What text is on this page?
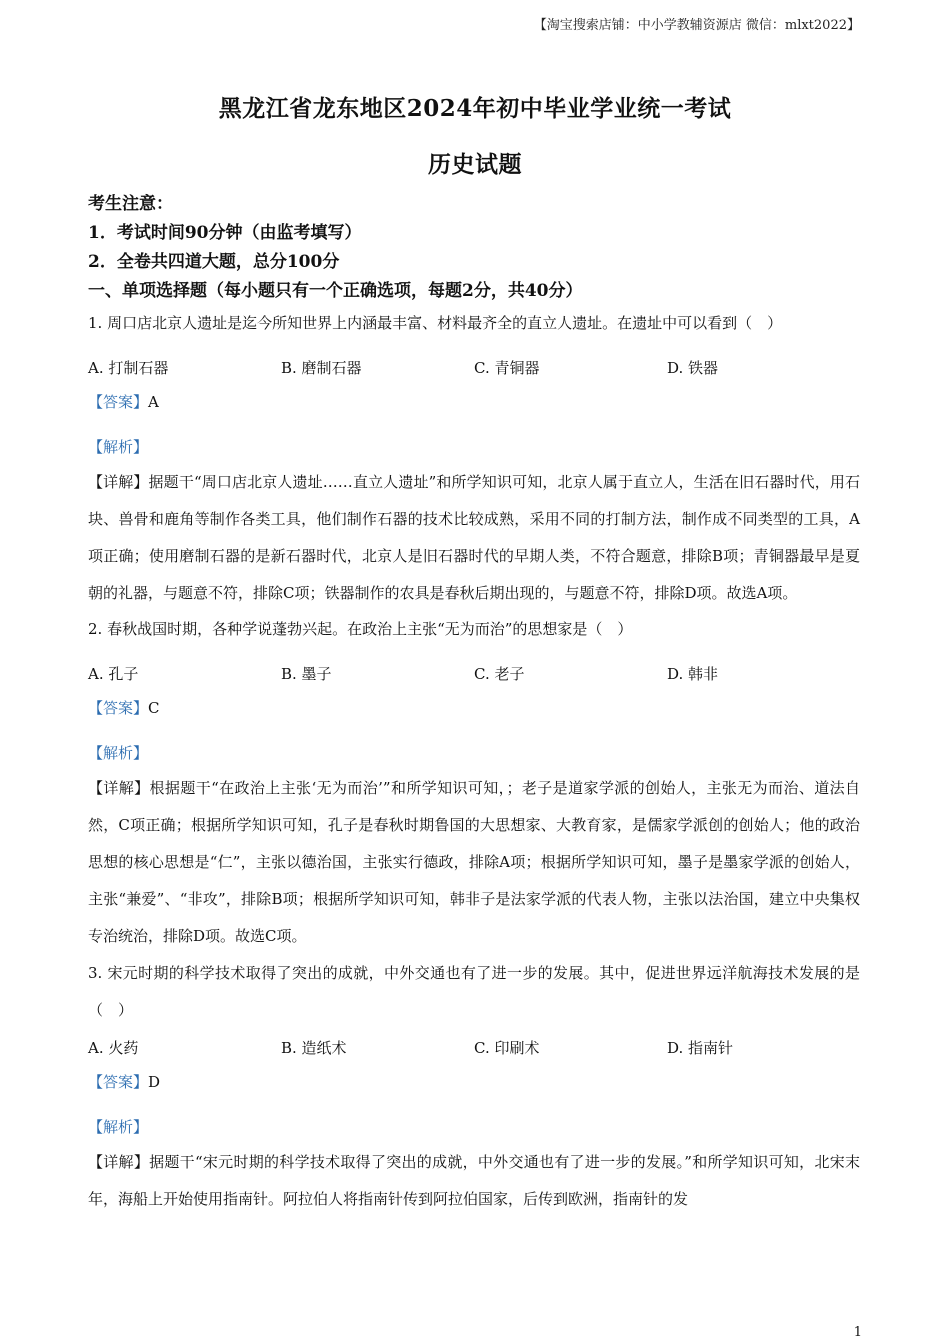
【淘宝搜索店铺：中小学教辅资源店 微信：mlxt2022】
黑龙江省龙东地区2024年初中毕业学业统一考试
历史试题

考生注意：

1．考试时间90分钟（由监考填写）

2．全卷共四道大题，总分100分

一、单项选择题（每小题只有一个正确选项，每题2分，共40分）

1. 周口店北京人遗址是迄今所知世界上内涵最丰富、材料最齐全的直立人遗址。在遗址中可以看到（　）

A. 打制石器	B. 磨制石器	C. 青铜器	D. 铁器

【答案】A

【解析】

【详解】据题干“周口店北京人遗址……直立人遗址”和所学知识可知，北京人属于直立人，生活在旧石器时代，用石块、兽骨和鹿角等制作各类工具，他们制作石器的技术比较成熟，采用不同的打制方法，制作成不同类型的工具，A项正确；使用磨制石器的是新石器时代，北京人是旧石器时代的早期人类，不符合题意，排除B项；青铜器最早是夏朝的礼器，与题意不符，排除C项；铁器制作的农具是春秋后期出现的，与题意不符，排除D项。故选A项。

2. 春秋战国时期，各种学说蓬勃兴起。在政治上主张“无为而治”的思想家是（　）

A. 孔子	B. 墨子	C. 老子	D. 韩非

【答案】C

【解析】

【详解】根据题干“在政治上主张‘无为而治’”和所学知识可知，；老子是道家学派的创始人，主张无为而治、道法自然，C项正确；根据所学知识可知，孔子是春秋时期鲁国的大思想家、大教育家，是儒家学派创的创始人；他的政治思想的核心思想是“仁”，主张以德治国，主张实行德政，排除A项；根据所学知识可知，墨子是墨家学派的创始人，主张“兼爱”、“非攻”，排除B项；根据所学知识可知，韩非子是法家学派的代表人物，主张以法治国，建立中央集权专治统治，排除D项。故选C项。

3. 宋元时期的科学技术取得了突出的成就，中外交通也有了进一步的发展。其中，促进世界远洋航海技术发展的是（　）

A. 火药	B. 造纸术	C. 印刷术	D. 指南针

【答案】D

【解析】

【详解】据题干“宋元时期的科学技术取得了突出的成就，中外交通也有了进一步的发展。”和所学知识可知，北宋末年，海船上开始使用指南针。阿拉伯人将指南针传到阿拉伯国家，后传到欧洲，指南针的发

1
